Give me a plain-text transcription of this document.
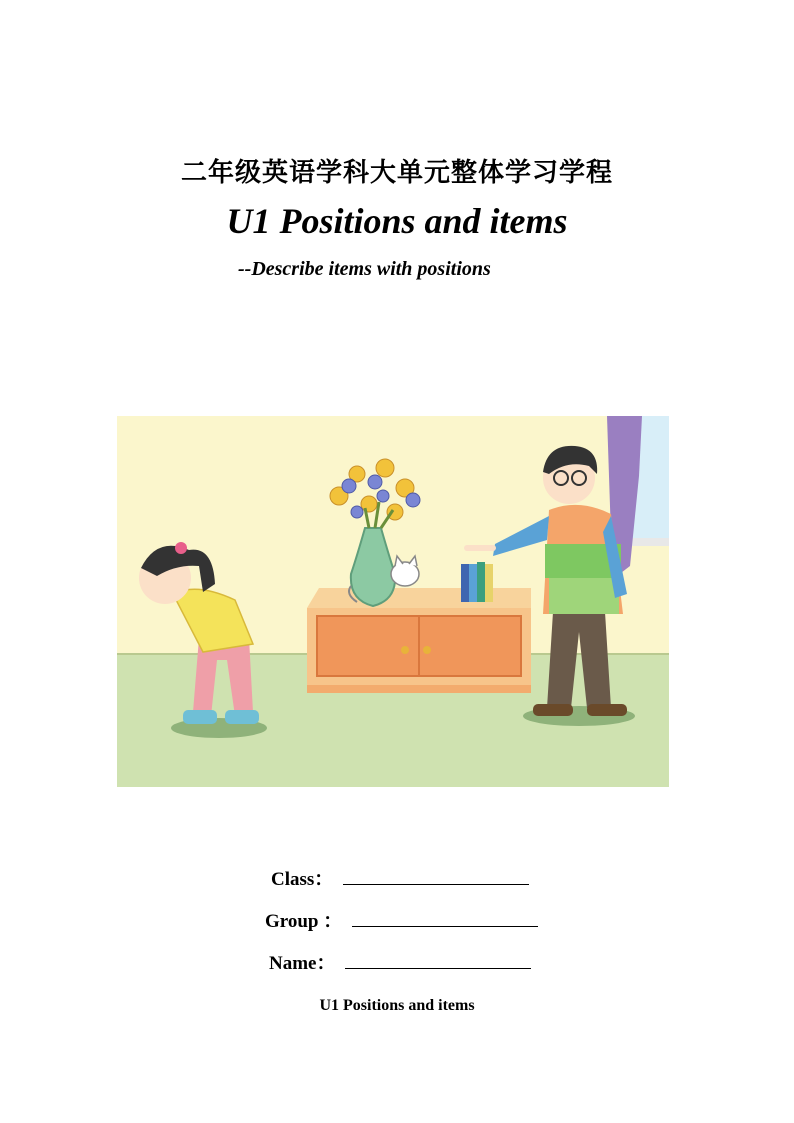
二年级英语学科大单元整体学习学程
U1 Positions and items
--Describe items with positions
Class：
Group ：
Name：
U1 Positions and items
